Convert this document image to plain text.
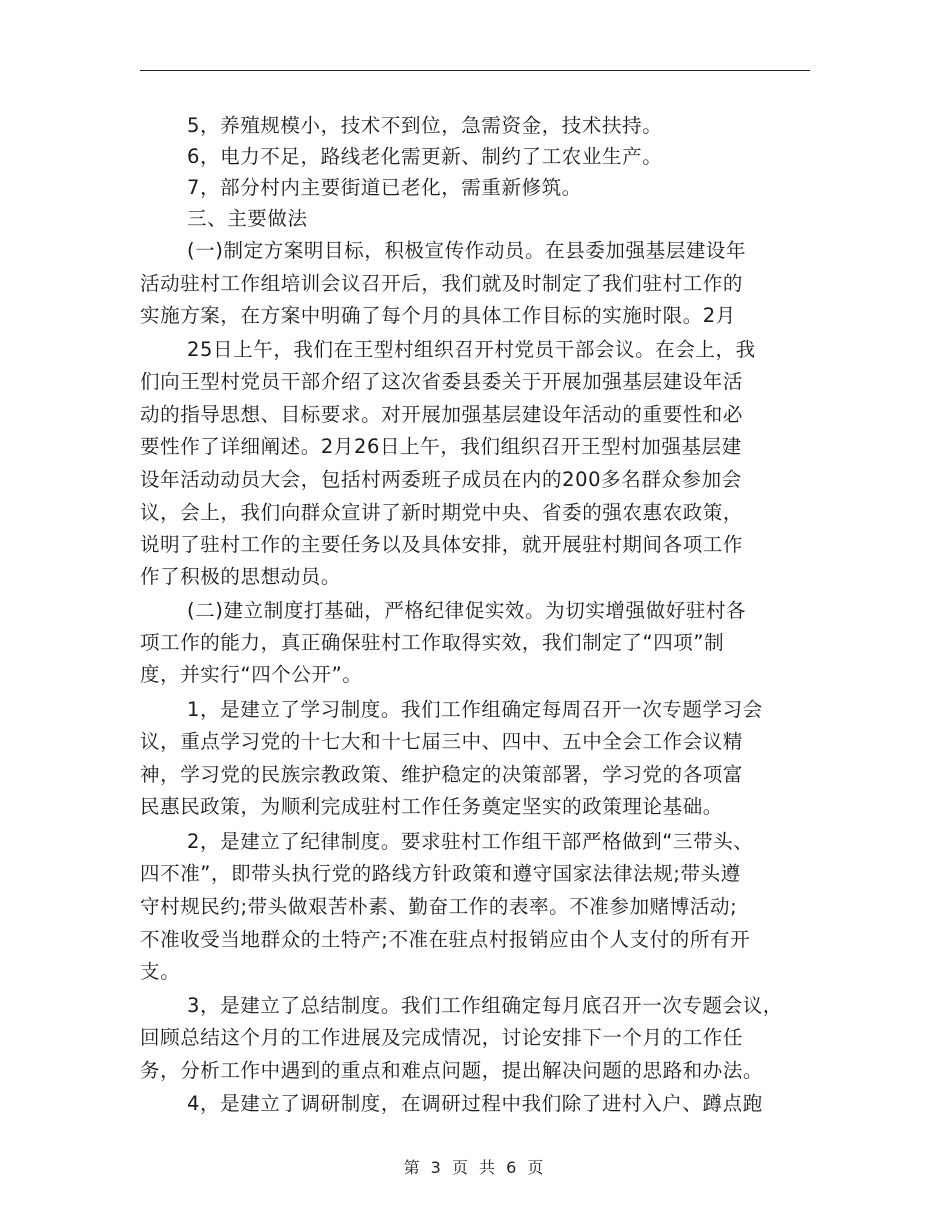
5，养殖规模小，技术不到位，急需资金，技术扶持。
6，电力不足，路线老化需更新、制约了工农业生产。
7，部分村内主要街道已老化，需重新修筑。
三、主要做法
(一)制定方案明目标，积极宣传作动员。在县委加强基层建设年
活动驻村工作组培训会议召开后，我们就及时制定了我们驻村工作的
实施方案，在方案中明确了每个月的具体工作目标的实施时限。2月
25日上午，我们在王型村组织召开村党员干部会议。在会上，我
们向王型村党员干部介绍了这次省委县委关于开展加强基层建设年活
动的指导思想、目标要求。对开展加强基层建设年活动的重要性和必
要性作了详细阐述。2月26日上午，我们组织召开王型村加强基层建
设年活动动员大会，包括村两委班子成员在内的200多名群众参加会
议，会上，我们向群众宣讲了新时期党中央、省委的强农惠农政策，
说明了驻村工作的主要任务以及具体安排，就开展驻村期间各项工作
作了积极的思想动员。
(二)建立制度打基础，严格纪律促实效。为切实增强做好驻村各
项工作的能力，真正确保驻村工作取得实效，我们制定了“四项”制
度，并实行“四个公开”。
1，是建立了学习制度。我们工作组确定每周召开一次专题学习会
议，重点学习党的十七大和十七届三中、四中、五中全会工作会议精
神，学习党的民族宗教政策、维护稳定的决策部署，学习党的各项富
民惠民政策，为顺利完成驻村工作任务奠定坚实的政策理论基础。
2，是建立了纪律制度。要求驻村工作组干部严格做到“三带头、
四不准”，即带头执行党的路线方针政策和遵守国家法律法规;带头遵
守村规民约;带头做艰苦朴素、勤奋工作的表率。不准参加赌博活动;
不准收受当地群众的土特产;不准在驻点村报销应由个人支付的所有开
支。
3，是建立了总结制度。我们工作组确定每月底召开一次专题会议，
回顾总结这个月的工作进展及完成情况，讨论安排下一个月的工作任
务，分析工作中遇到的重点和难点问题，提出解决问题的思路和办法。
4，是建立了调研制度，在调研过程中我们除了进村入户、蹲点跑
第 3 页 共 6 页
